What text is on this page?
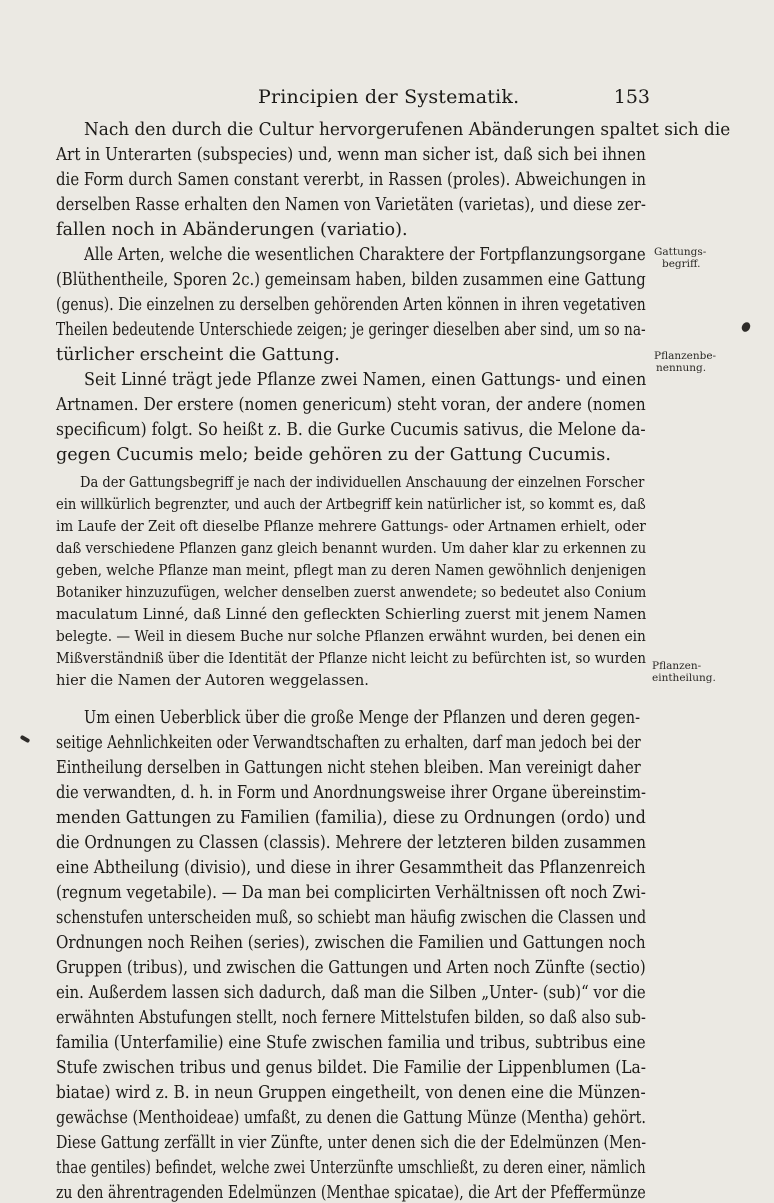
Principien der Systematik.	153
Nach den durch die Cultur hervorgerufenen Abänderungen spaltet sich die
Art in Unterarten (subspecies) und, wenn man sicher ist, daß sich bei ihnen
die Form durch Samen constant vererbt, in Rassen (proles). Abweichungen in
derselben Rasse erhalten den Namen von Varietäten (varietas), und diese zer-
fallen noch in Abänderungen (variatio).
Alle Arten, welche die wesentlichen Charaktere der Fortpflanzungsorgane
(Blüthentheile, Sporen 2c.) gemeinsam haben, bilden zusammen eine Gattung
(genus). Die einzelnen zu derselben gehörenden Arten können in ihren vegetativen
Theilen bedeutende Unterschiede zeigen; je geringer dieselben aber sind, um so na-
türlicher erscheint die Gattung.
Seit Linné trägt jede Pflanze zwei Namen, einen Gattungs- und einen
Artnamen. Der erstere (nomen genericum) steht voran, der andere (nomen
specificum) folgt. So heißt z. B. die Gurke Cucumis sativus, die Melone da-
gegen Cucumis melo; beide gehören zu der Gattung Cucumis.
Da der Gattungsbegriff je nach der individuellen Anschauung der einzelnen Forscher
ein willkürlich begrenzter, und auch der Artbegriff kein natürlicher ist, so kommt es, daß
im Laufe der Zeit oft dieselbe Pflanze mehrere Gattungs- oder Artnamen erhielt, oder
daß verschiedene Pflanzen ganz gleich benannt wurden. Um daher klar zu erkennen zu
geben, welche Pflanze man meint, pflegt man zu deren Namen gewöhnlich denjenigen
Botaniker hinzuzufügen, welcher denselben zuerst anwendete; so bedeutet also Conium
maculatum Linné, daß Linné den gefleckten Schierling zuerst mit jenem Namen
belegte. — Weil in diesem Buche nur solche Pflanzen erwähnt wurden, bei denen ein
Mißverständniß über die Identität der Pflanze nicht leicht zu befürchten ist, so wurden
hier die Namen der Autoren weggelassen.
Um einen Ueberblick über die große Menge der Pflanzen und deren gegen-
seitige Aehnlichkeiten oder Verwandtschaften zu erhalten, darf man jedoch bei der
Eintheilung derselben in Gattungen nicht stehen bleiben. Man vereinigt daher
die verwandten, d. h. in Form und Anordnungsweise ihrer Organe übereinstim-
menden Gattungen zu Familien (familia), diese zu Ordnungen (ordo) und
die Ordnungen zu Classen (classis). Mehrere der letzteren bilden zusammen
eine Abtheilung (divisio), und diese in ihrer Gesammtheit das Pflanzenreich
(regnum vegetabile). — Da man bei complicirten Verhältnissen oft noch Zwi-
schenstufen unterscheiden muß, so schiebt man häufig zwischen die Classen und
Ordnungen noch Reihen (series), zwischen die Familien und Gattungen noch
Gruppen (tribus), und zwischen die Gattungen und Arten noch Zünfte (sectio)
ein. Außerdem lassen sich dadurch, daß man die Silben „Unter- (sub)“ vor die
erwähnten Abstufungen stellt, noch fernere Mittelstufen bilden, so daß also sub-
familia (Unterfamilie) eine Stufe zwischen familia und tribus, subtribus eine
Stufe zwischen tribus und genus bildet. Die Familie der Lippenblumen (La-
biatae) wird z. B. in neun Gruppen eingetheilt, von denen eine die Münzen-
gewächse (Menthoideae) umfaßt, zu denen die Gattung Münze (Mentha) gehört.
Diese Gattung zerfällt in vier Zünfte, unter denen sich die der Edelmünzen (Men-
thae gentiles) befindet, welche zwei Unterzünfte umschließt, zu deren einer, nämlich
zu den ährentragenden Edelmünzen (Menthae spicatae), die Art der Pfeffermünze
Gattungs-
begriff.
Pflanzenbe-
nennung.
Pflanzen-
eintheilung.
